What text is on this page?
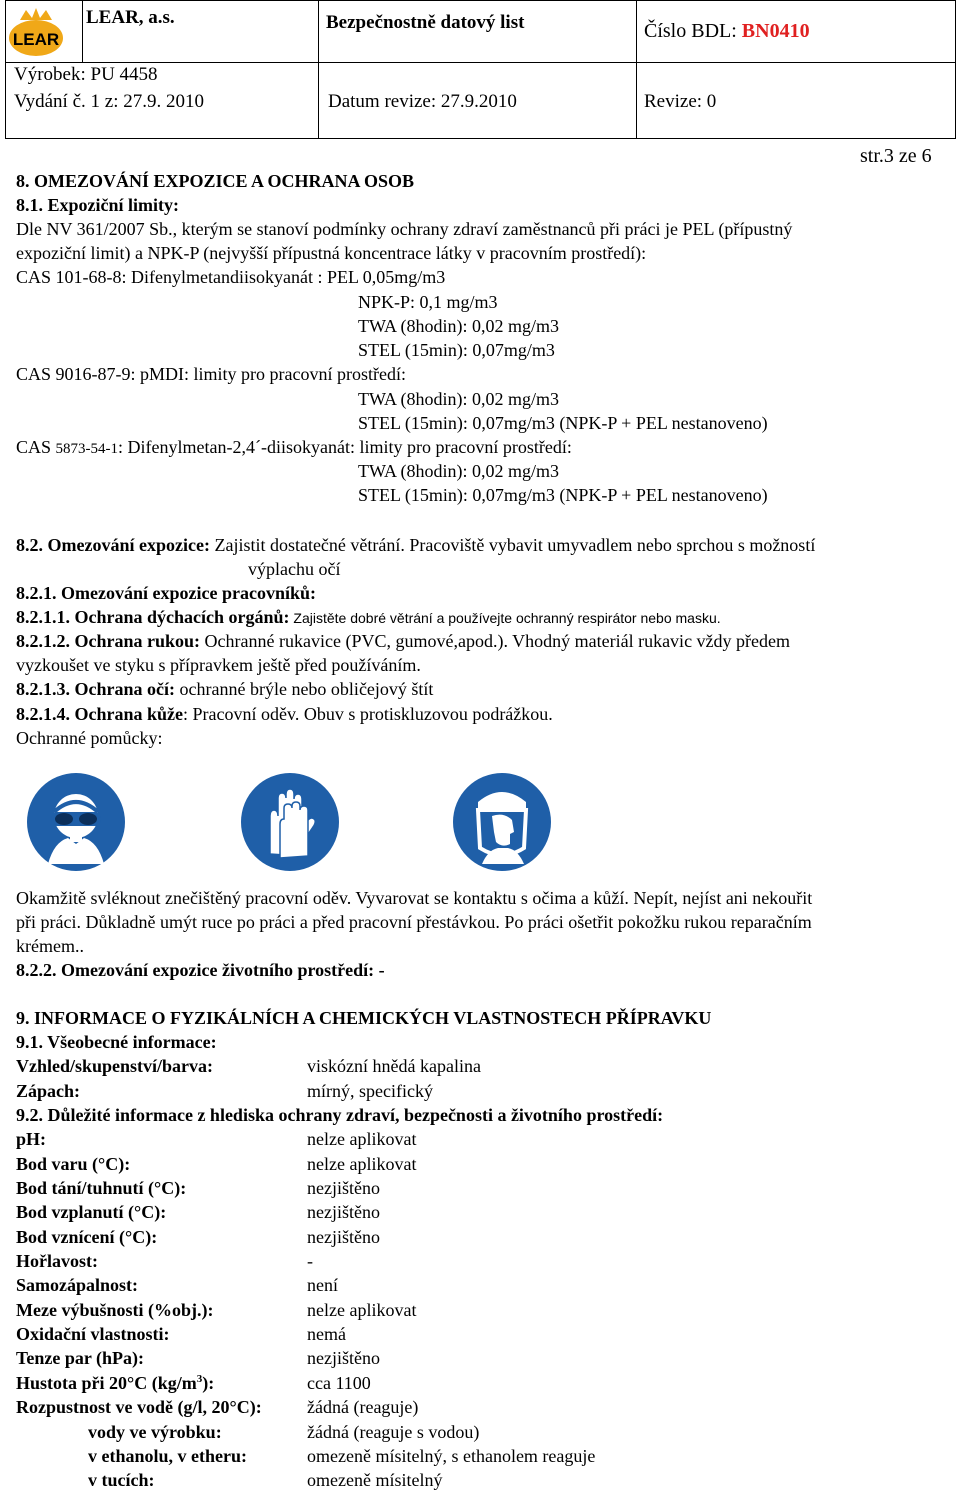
LEAR
LEAR, a.s.	Bezpečnostně datový list	Číslo BDL: BN0410
Výrobek: PU 4458
Vydání č. 1 z: 27.9. 2010	Datum revize: 27.9.2010	Revize: 0
str.3 ze 6
8. OMEZOVÁNÍ EXPOZICE A OCHRANA OSOB
8.1. Expoziční limity:
Dle NV 361/2007 Sb., kterým se stanoví podmínky ochrany zdraví zaměstnanců při práci je PEL (přípustný
expoziční limit) a NPK-P (nejvyšší přípustná koncentrace látky v pracovním prostředí):
CAS 101-68-8: Difenylmetandiisokyanát : PEL 0,05mg/m3
NPK-P: 0,1 mg/m3
TWA (8hodin): 0,02 mg/m3
STEL (15min): 0,07mg/m3
CAS 9016-87-9: pMDI: limity pro pracovní prostředí:
TWA (8hodin): 0,02 mg/m3
STEL (15min): 0,07mg/m3 (NPK-P + PEL nestanoveno)
CAS 5873-54-1: Difenylmetan-2,4´-diisokyanát: limity pro pracovní prostředí:
TWA (8hodin): 0,02 mg/m3
STEL (15min): 0,07mg/m3 (NPK-P + PEL nestanoveno)
8.2. Omezování expozice: Zajistit dostatečné větrání. Pracoviště vybavit umyvadlem nebo sprchou s možností
výplachu očí
8.2.1. Omezování expozice pracovníků:
8.2.1.1. Ochrana dýchacích orgánů: Zajistěte dobré větrání a používejte ochranný respirátor nebo masku.
8.2.1.2. Ochrana rukou: Ochranné rukavice (PVC, gumové,apod.). Vhodný materiál rukavic vždy předem
vyzkoušet ve styku s přípravkem ještě před používáním.
8.2.1.3. Ochrana očí: ochranné brýle nebo obličejový štít
8.2.1.4. Ochrana kůže: Pracovní oděv. Obuv s protiskluzovou podrážkou.
Ochranné pomůcky:
Okamžitě svléknout znečištěný pracovní oděv. Vyvarovat se kontaktu s očima a kůží. Nepít, nejíst ani nekouřit
při práci. Důkladně umýt ruce po práci a před pracovní přestávkou. Po práci ošetřit pokožku rukou reparačním
krémem..
8.2.2. Omezování expozice životního prostředí: -
9. INFORMACE O FYZIKÁLNÍCH A CHEMICKÝCH VLASTNOSTECH PŘÍPRAVKU
9.1. Všeobecné informace:
Vzhled/skupenství/barva:	viskózní hnědá kapalina
Zápach:	mírný, specifický
9.2. Důležité informace z hlediska ochrany zdraví, bezpečnosti a životního prostředí:
pH:	nelze aplikovat
Bod varu (°C):	nelze aplikovat
Bod tání/tuhnutí (°C):	nezjištěno
Bod vzplanutí (°C):	nezjištěno
Bod vznícení (°C):	nezjištěno
Hořlavost:	-
Samozápalnost:	není
Meze výbušnosti (%obj.):	nelze aplikovat
Oxidační vlastnosti:	nemá
Tenze par (hPa):	nezjištěno
Hustota při 20°C $(kg/m^3)$:	cca 1100
Rozpustnost ve vodě (g/l, 20°C):	žádná (reaguje)
vody ve výrobku:	žádná (reaguje s vodou)
v ethanolu, v etheru:	omezeně mísitelný, s ethanolem reaguje
v tucích:	omezeně mísitelný
